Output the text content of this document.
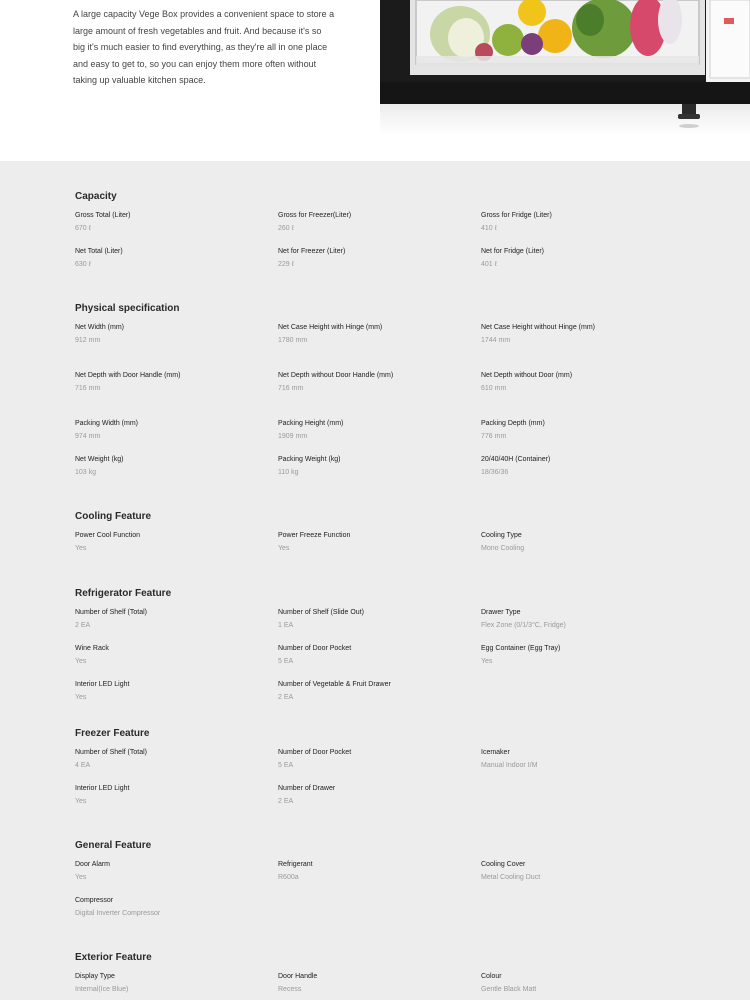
A large capacity Vege Box provides a convenient space to store a large amount of fresh vegetables and fruit. And because it's so big it's much easier to find everything, as they're all in one place and easy to get to, so you can enjoy them more often without taking up valuable kitchen space.

Capacity
Gross Total (Liter)
670 ℓ
Gross for Freezer(Liter)
260 ℓ
Gross for Fridge (Liter)
410 ℓ
Net Total (Liter)
630 ℓ
Net for Freezer (Liter)
229 ℓ
Net for Fridge (Liter)
401 ℓ
Physical specification
Net Width (mm)
912 mm
Net Case Height with Hinge (mm)
1780 mm
Net Case Height without Hinge (mm)
1744 mm
Net Depth with Door Handle (mm)
716 mm
Net Depth without Door Handle (mm)
716 mm
Net Depth without Door (mm)
610 mm
Packing Width (mm)
974 mm
Packing Height (mm)
1909 mm
Packing Depth (mm)
776 mm
Net Weight (kg)
103 kg
Packing Weight (kg)
110 kg
20/40/40H (Container)
18/36/36
Cooling Feature
Power Cool Function
Yes
Power Freeze Function
Yes
Cooling Type
Mono Cooling
Refrigerator Feature
Number of Shelf (Total)
2 EA
Number of Shelf (Slide Out)
1 EA
Drawer Type
Flex Zone (0/1/3°C, Fridge)
Wine Rack
Yes
Number of Door Pocket
5 EA
Egg Container (Egg Tray)
Yes
Interior LED Light
Yes
Number of Vegetable & Fruit Drawer
2 EA
Freezer Feature
Number of Shelf (Total)
4 EA
Number of Door Pocket
5 EA
Icemaker
Manual Indoor I/M
Interior LED Light
Yes
Number of Drawer
2 EA
General Feature
Door Alarm
Yes
Refrigerant
R600a
Cooling Cover
Metal Cooling Duct
Compressor
Digital Inverter Compressor
Exterior Feature
Display Type
Internal(Ice Blue)
Door Handle
Recess
Colour
Gentle Black Matt
